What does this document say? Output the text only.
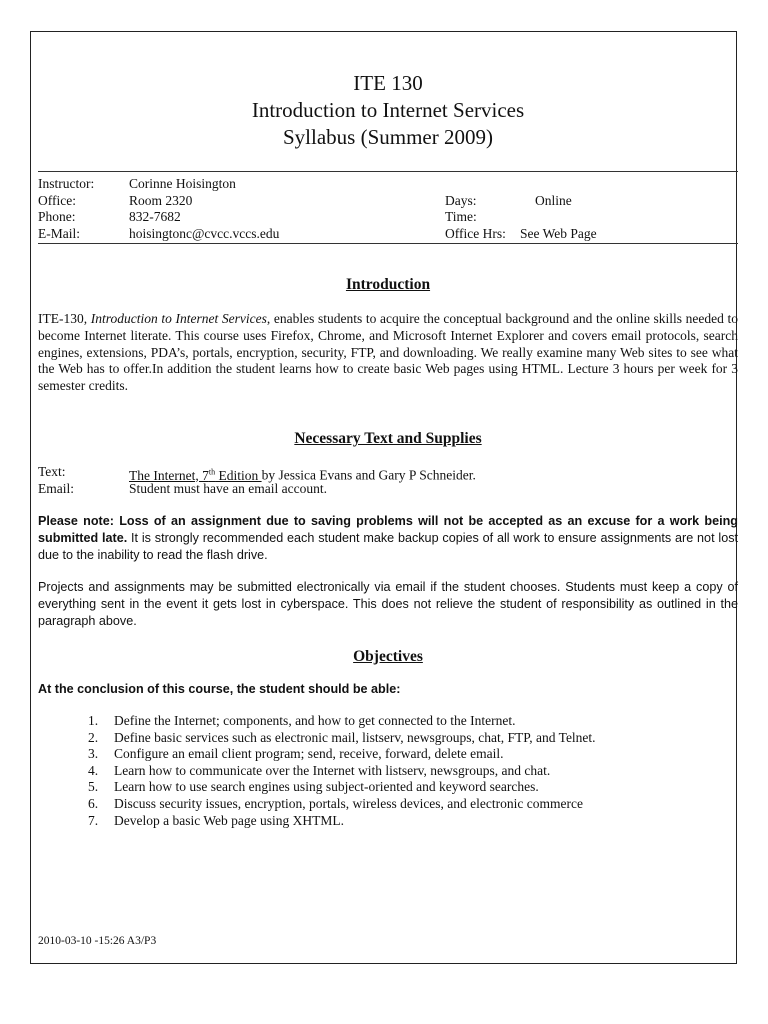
ITE 130
Introduction to Internet Services
Syllabus (Summer 2009)
Instructor:	Corinne Hoisington
Office:	Room 2320	Days:	Online
Phone:	832-7682	Time:
E-Mail:	hoisingtonc@cvcc.vccs.edu	Office Hrs: See Web Page
Introduction
ITE-130, Introduction to Internet Services, enables students to acquire the conceptual background and the online skills needed to become Internet literate. This course uses Firefox, Chrome, and Microsoft Internet Explorer and covers email protocols, search engines, extensions, PDA’s, portals, encryption, security, FTP, and downloading. We really examine many Web sites to see what the Web has to offer.In addition the student learns how to create basic Web pages using HTML. Lecture 3 hours per week for 3 semester credits.
Necessary Text and Supplies
Text:	The Internet, 7th Edition by Jessica Evans and Gary P Schneider.
Email:	Student must have an email account.
Please note: Loss of an assignment due to saving problems will not be accepted as an excuse for a work being submitted late. It is strongly recommended each student make backup copies of all work to ensure assignments are not lost due to the inability to read the flash drive.
Projects and assignments may be submitted electronically via email if the student chooses. Students must keep a copy of everything sent in the event it gets lost in cyberspace. This does not relieve the student of responsibility as outlined in the paragraph above.
Objectives
At the conclusion of this course, the student should be able:
1. Define the Internet; components, and how to get connected to the Internet.
2. Define basic services such as electronic mail, listserv, newsgroups, chat, FTP, and Telnet.
3. Configure an email client program; send, receive, forward, delete email.
4. Learn how to communicate over the Internet with listserv, newsgroups, and chat.
5. Learn how to use search engines using subject-oriented and keyword searches.
6. Discuss security issues, encryption, portals, wireless devices, and electronic commerce
7. Develop a basic Web page using XHTML.
2010-03-10 -15:26 A3/P3
